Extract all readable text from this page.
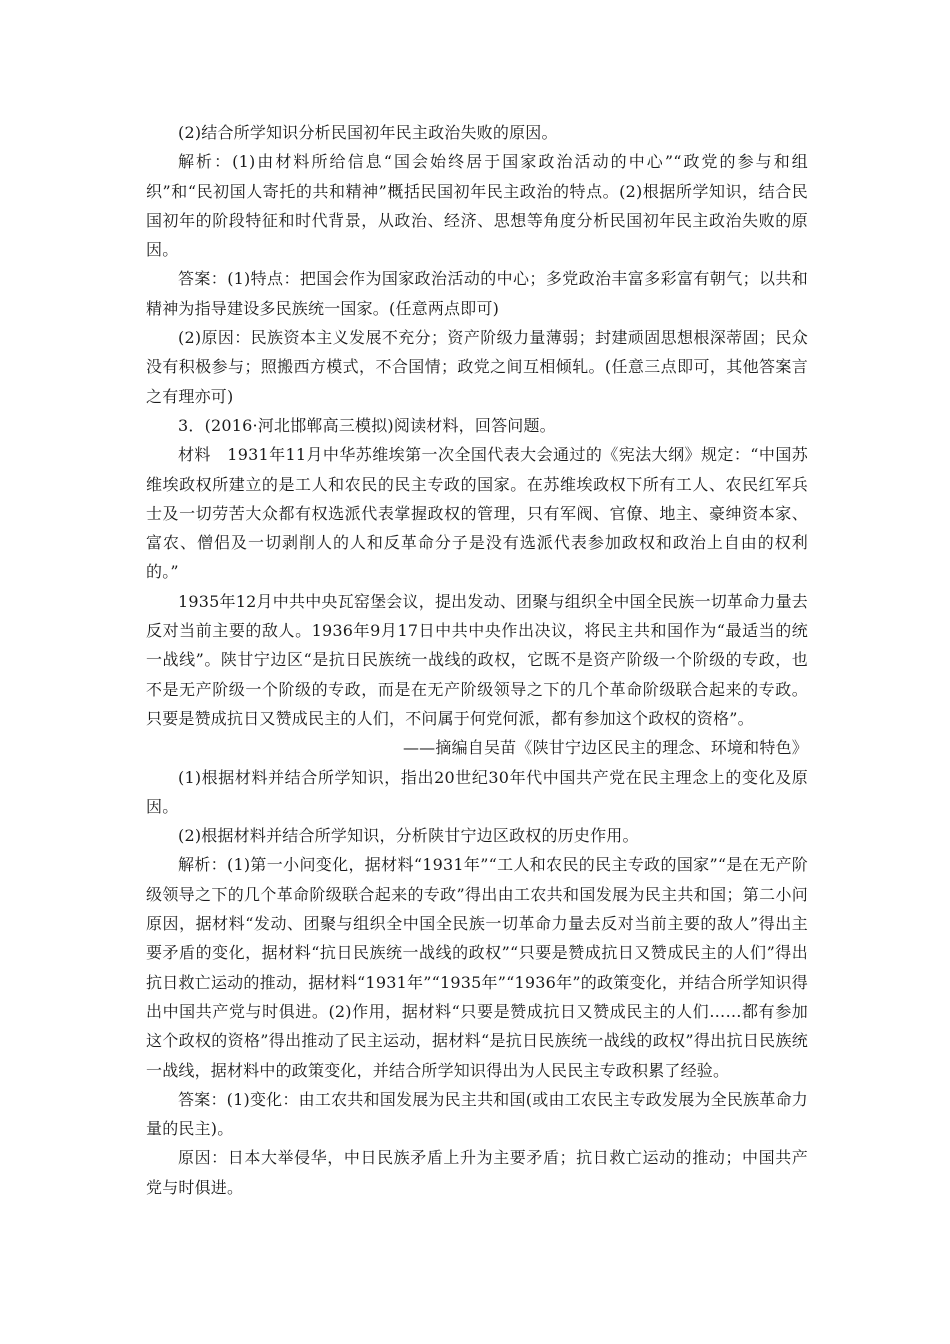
(2)结合所学知识分析民国初年民主政治失败的原因。

解析：(1)由材料所给信息“国会始终居于国家政治活动的中心”“政党的参与和组织”和“民初国人寄托的共和精神”概括民国初年民主政治的特点。(2)根据所学知识，结合民国初年的阶段特征和时代背景，从政治、经济、思想等角度分析民国初年民主政治失败的原因。

答案：(1)特点：把国会作为国家政治活动的中心；多党政治丰富多彩富有朝气；以共和精神为指导建设多民族统一国家。(任意两点即可)

(2)原因：民族资本主义发展不充分；资产阶级力量薄弱；封建顽固思想根深蒂固；民众没有积极参与；照搬西方模式，不合国情；政党之间互相倾轧。(任意三点即可，其他答案言之有理亦可)

3．(2016·河北邯郸高三模拟)阅读材料，回答问题。

材料　1931年11月中华苏维埃第一次全国代表大会通过的《宪法大纲》规定：“中国苏维埃政权所建立的是工人和农民的民主专政的国家。在苏维埃政权下所有工人、农民红军兵士及一切劳苦大众都有权选派代表掌握政权的管理，只有军阀、官僚、地主、豪绅资本家、富农、僧侣及一切剥削人的人和反革命分子是没有选派代表参加政权和政治上自由的权利的。”

1935年12月中共中央瓦窑堡会议，提出发动、团聚与组织全中国全民族一切革命力量去反对当前主要的敌人。1936年9月17日中共中央作出决议，将民主共和国作为“最适当的统一战线”。陕甘宁边区“是抗日民族统一战线的政权，它既不是资产阶级一个阶级的专政，也不是无产阶级一个阶级的专政，而是在无产阶级领导之下的几个革命阶级联合起来的专政。只要是赞成抗日又赞成民主的人们，不问属于何党何派，都有参加这个政权的资格”。

——摘编自吴苗《陕甘宁边区民主的理念、环境和特色》

(1)根据材料并结合所学知识，指出20世纪30年代中国共产党在民主理念上的变化及原因。

(2)根据材料并结合所学知识，分析陕甘宁边区政权的历史作用。

解析：(1)第一小问变化，据材料“1931年”“工人和农民的民主专政的国家”“是在无产阶级领导之下的几个革命阶级联合起来的专政”得出由工农共和国发展为民主共和国；第二小问原因，据材料“发动、团聚与组织全中国全民族一切革命力量去反对当前主要的敌人”得出主要矛盾的变化，据材料“抗日民族统一战线的政权”“只要是赞成抗日又赞成民主的人们”得出抗日救亡运动的推动，据材料“1931年”“1935年”“1936年”的政策变化，并结合所学知识得出中国共产党与时俱进。(2)作用，据材料“只要是赞成抗日又赞成民主的人们……都有参加这个政权的资格”得出推动了民主运动，据材料“是抗日民族统一战线的政权”得出抗日民族统一战线，据材料中的政策变化，并结合所学知识得出为人民民主专政积累了经验。

答案：(1)变化：由工农共和国发展为民主共和国(或由工农民主专政发展为全民族革命力量的民主)。

原因：日本大举侵华，中日民族矛盾上升为主要矛盾；抗日救亡运动的推动；中国共产党与时俱进。
